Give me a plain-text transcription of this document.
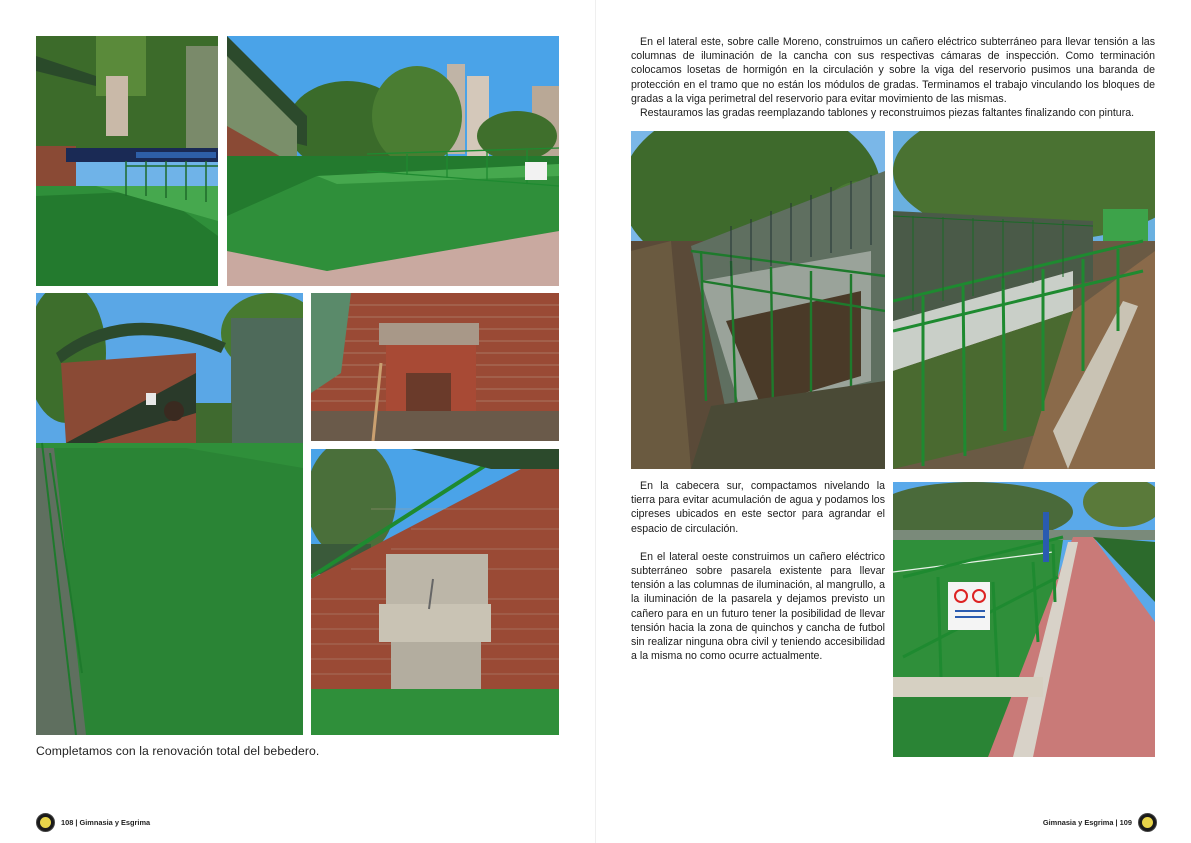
Completamos con la renovación total del bebedero.
108 | Gimnasia y Esgrima

En el lateral este, sobre calle Moreno, construimos un cañero eléctrico subterráneo para llevar tensión a las columnas de iluminación de la cancha con sus respectivas cámaras de inspección. Como terminación colocamos losetas de hormigón en la circulación y sobre la viga del reservorio pusimos una baranda de protección en el tramo que no están los módulos de gradas. Terminamos el trabajo vinculando los bloques de gradas a la viga perimetral del reservorio para evitar movimiento de las mismas.

Restauramos las gradas reemplazando tablones y reconstruimos piezas faltantes finalizando con pintura.

En la cabecera sur, compactamos nivelando la tierra para evitar acumulación de agua y podamos los cipreses ubicados en este sector para agrandar el espacio de circulación.

En el lateral oeste construimos un cañero eléctrico subterráneo sobre pasarela existente para llevar tensión a las columnas de iluminación, al mangrullo, a la iluminación de la pasarela y dejamos previsto un cañero para en un futuro tener la posibilidad de llevar tensión hacia la zona de quinchos y cancha de futbol sin realizar ninguna obra civil y teniendo accesibilidad a la misma no como ocurre actualmente.

Gimnasia y Esgrima | 109
